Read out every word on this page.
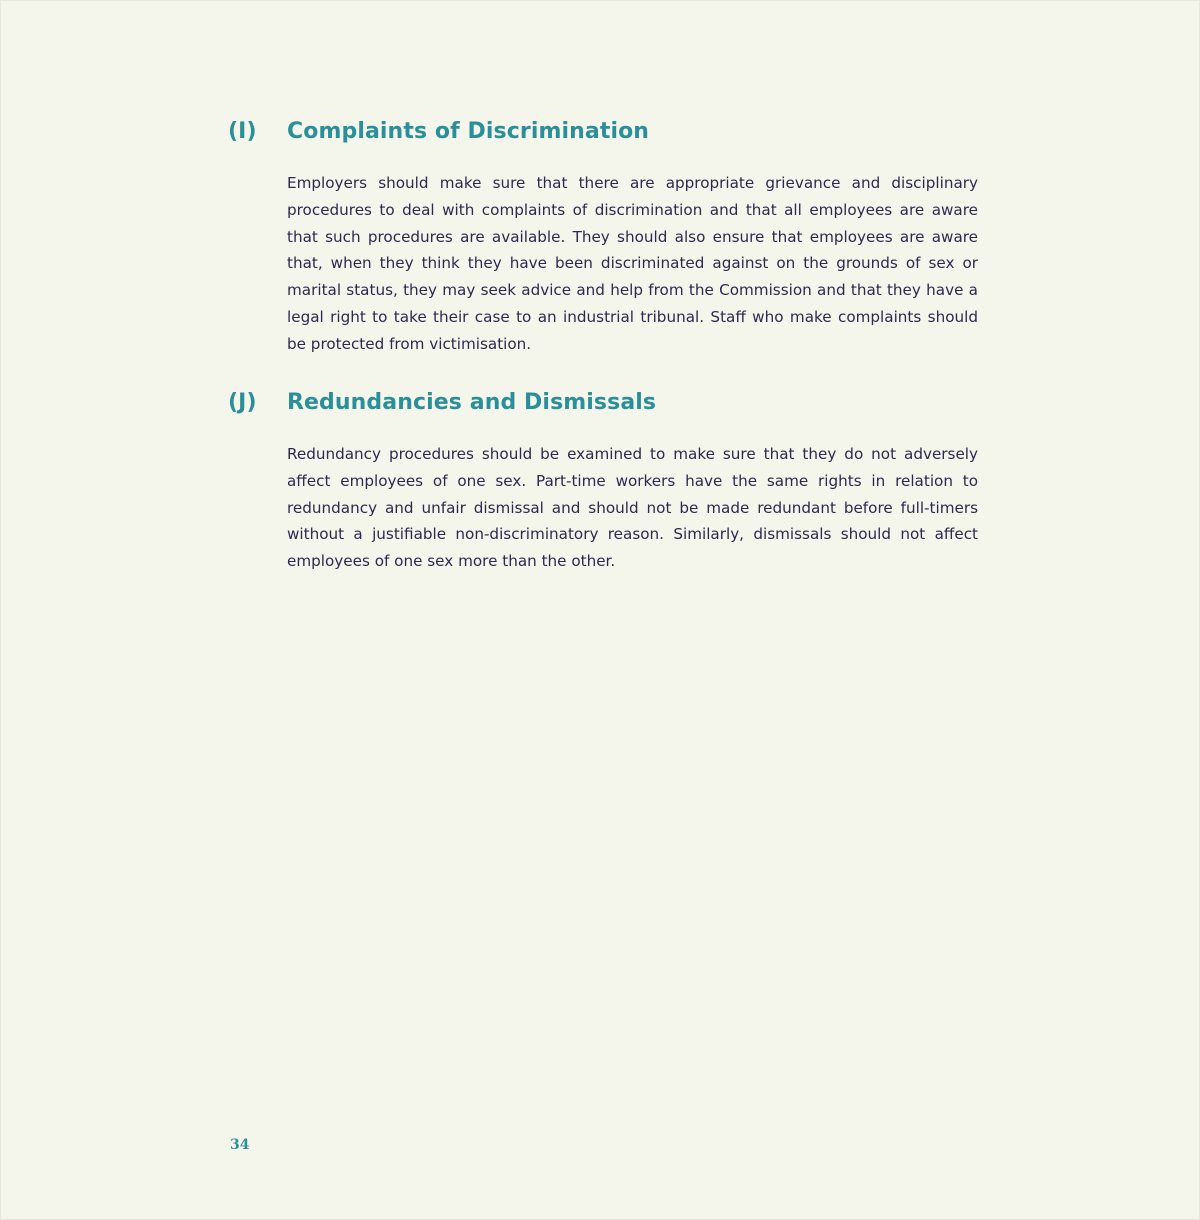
(I)	Complaints of Discrimination

Employers should make sure that there are appropriate grievance and disciplinary procedures to deal with complaints of discrimination and that all employees are aware that such procedures are available. They should also ensure that employees are aware that, when they think they have been discriminated against on the grounds of sex or marital status, they may seek advice and help from the Commission and that they have a legal right to take their case to an industrial tribunal. Staff who make complaints should be protected from victimisation.

(J)	Redundancies and Dismissals

Redundancy procedures should be examined to make sure that they do not adversely affect employees of one sex. Part-time workers have the same rights in relation to redundancy and unfair dismissal and should not be made redundant before full-timers without a justifiable non-discriminatory reason. Similarly, dismissals should not affect employees of one sex more than the other.

34
